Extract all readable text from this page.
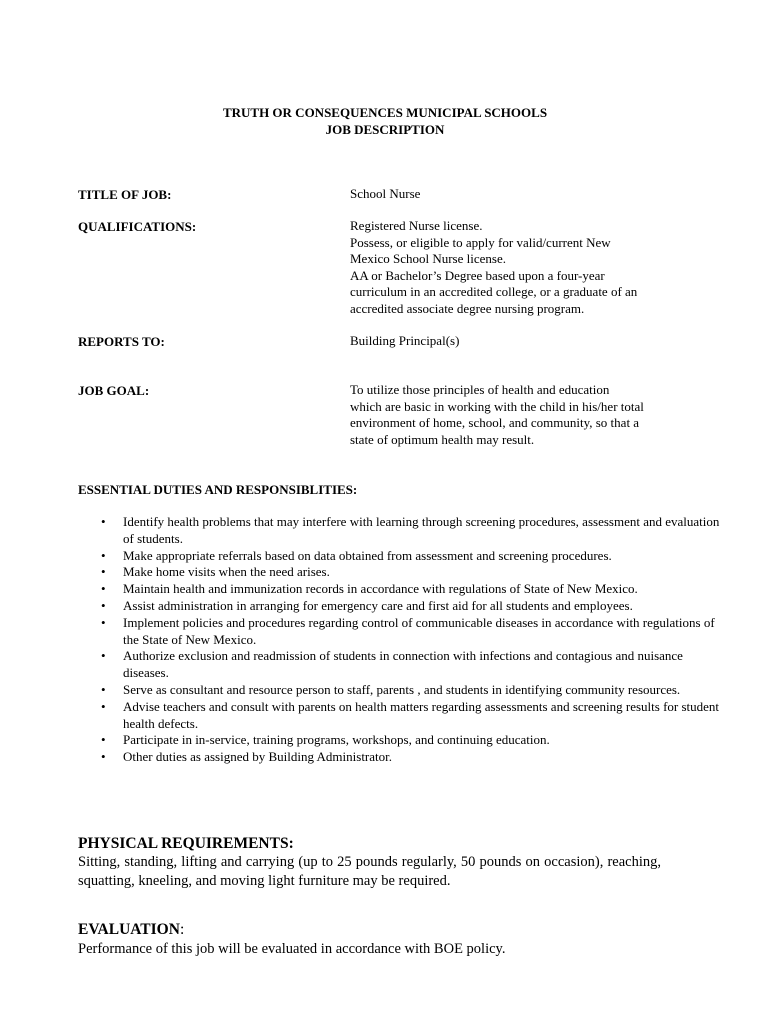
TRUTH OR CONSEQUENCES MUNICIPAL SCHOOLS
JOB DESCRIPTION
TITLE OF JOB:	School Nurse
QUALIFICATIONS:	Registered Nurse license.
Possess, or eligible to apply for valid/current New
Mexico School Nurse license.
AA or Bachelor’s Degree based upon a four-year
curriculum in an accredited college, or a graduate of an
accredited associate degree nursing program.
REPORTS TO:	Building Principal(s)
JOB GOAL:	To utilize those principles of health and education
which are basic in working with the child in his/her total
environment of home, school, and community, so that a
state of optimum health may result.
ESSENTIAL DUTIES AND RESPONSIBLITIES:
• Identify health problems that may interfere with learning through screening procedures, assessment and evaluation of students.
• Make appropriate referrals based on data obtained from assessment and screening procedures.
• Make home visits when the need arises.
• Maintain health and immunization records in accordance with regulations of State of New Mexico.
• Assist administration in arranging for emergency care and first aid for all students and employees.
• Implement policies and procedures regarding control of communicable diseases in accordance with regulations of the State of New Mexico.
• Authorize exclusion and readmission of students in connection with infections and contagious and nuisance diseases.
• Serve as consultant and resource person to staff, parents , and students in identifying community resources.
• Advise teachers and consult with parents on health matters regarding assessments and screening results for student health defects.
• Participate in in-service, training programs, workshops, and continuing education.
• Other duties as assigned by Building Administrator.
PHYSICAL REQUIREMENTS:
Sitting, standing, lifting and carrying (up to 25 pounds regularly, 50 pounds on occasion), reaching, squatting, kneeling, and moving light furniture may be required.
EVALUATION:
Performance of this job will be evaluated in accordance with BOE policy.
